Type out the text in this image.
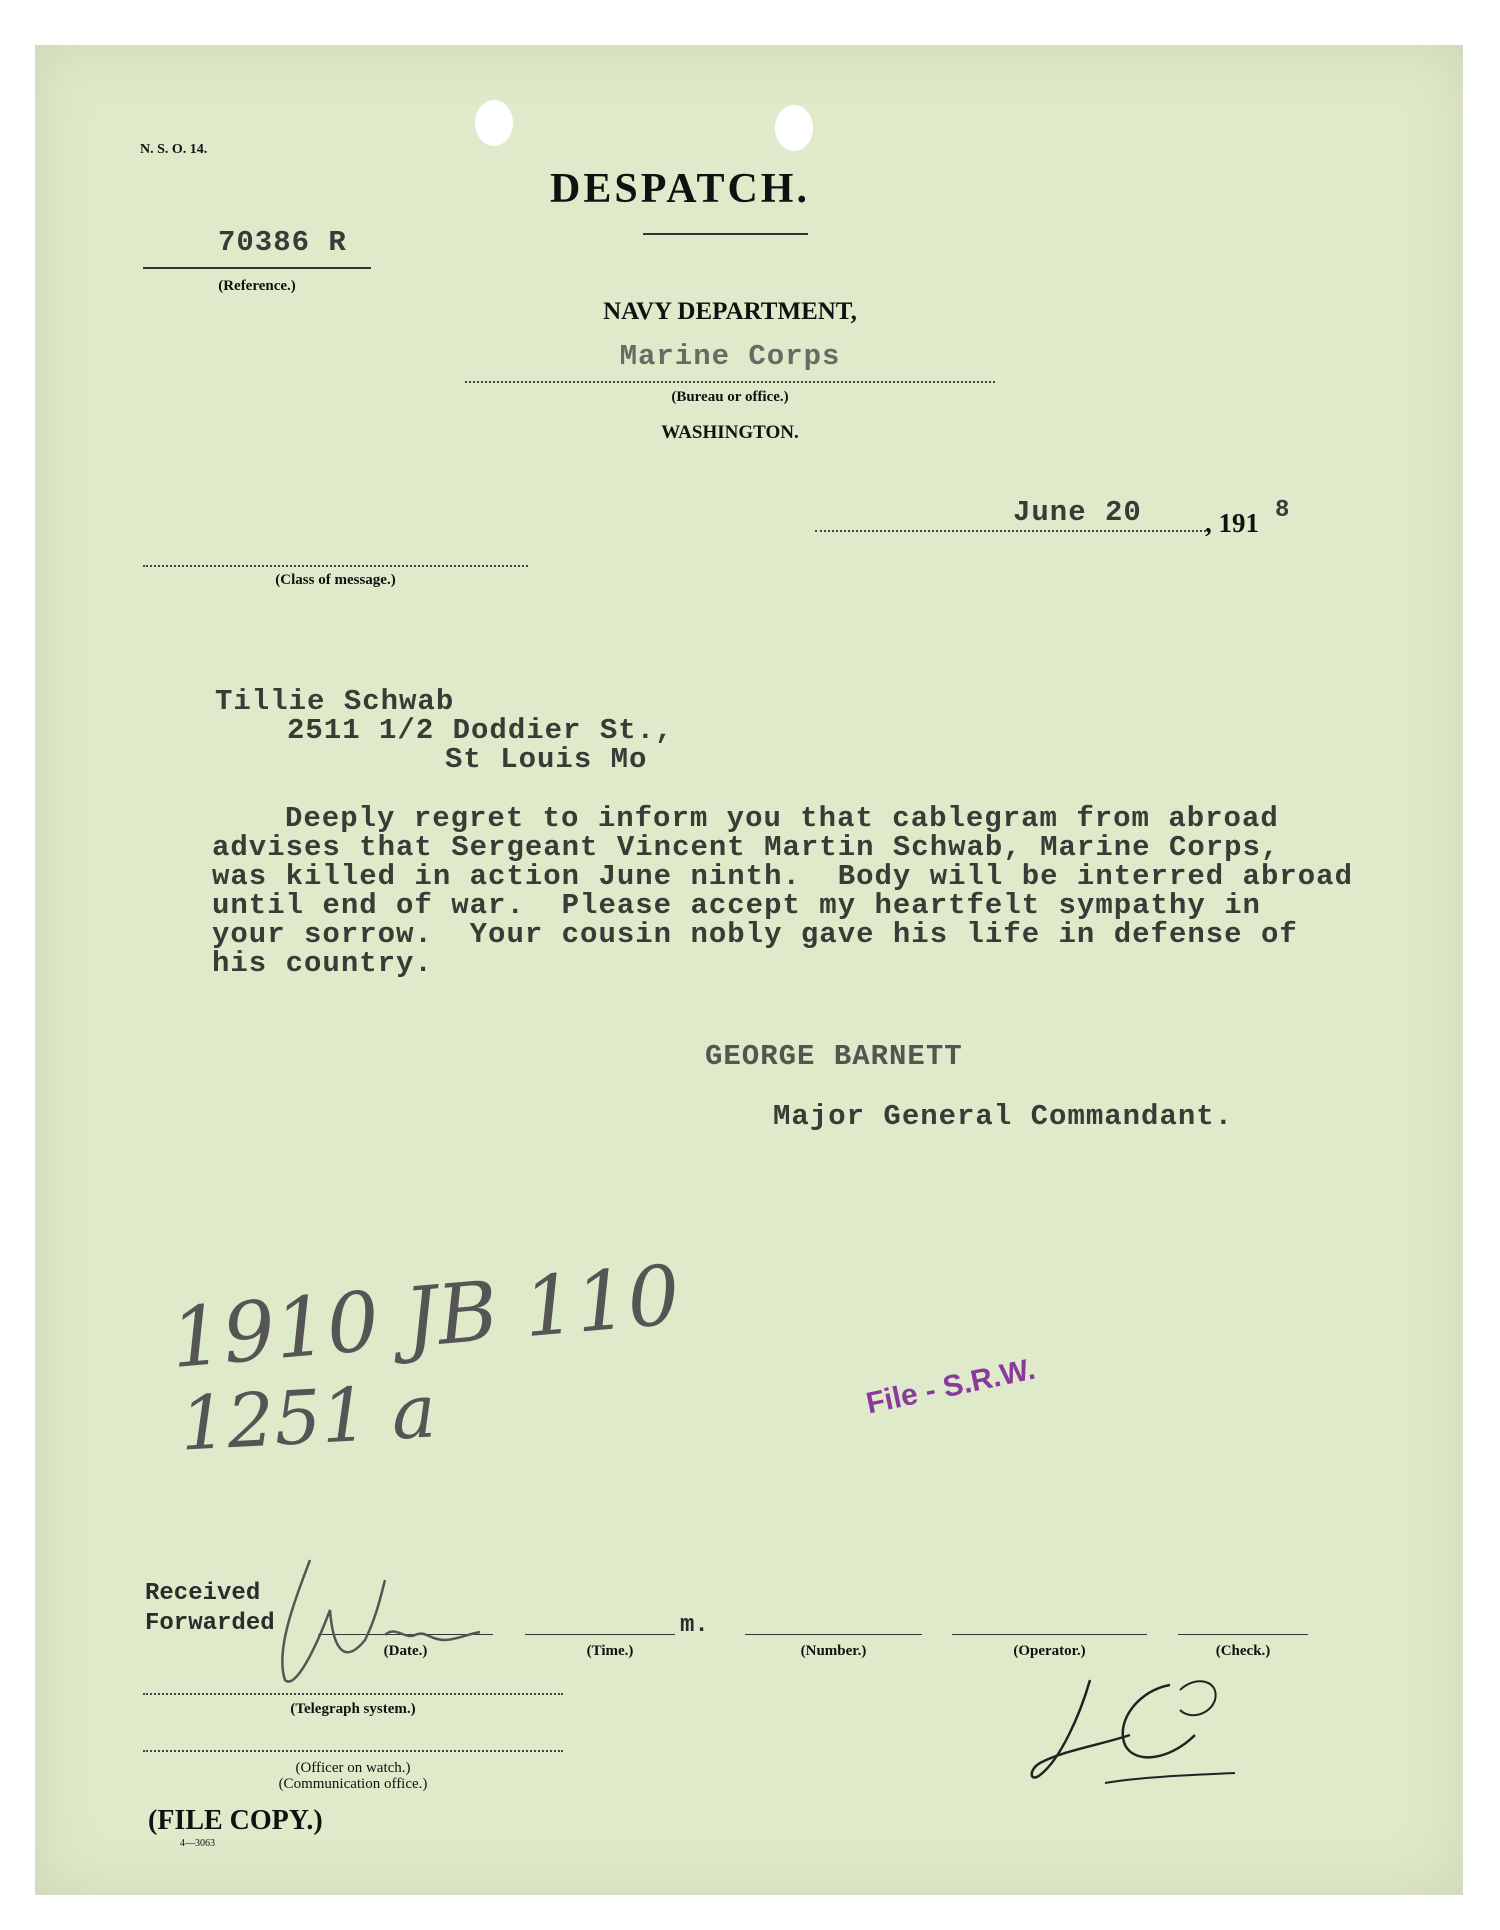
N. S. O. 14.
DESPATCH.
70386 R
(Reference.)
NAVY DEPARTMENT,
Marine Corps
(Bureau or office.)
WASHINGTON.
June 20 , 191 8
(Class of message.)
Tillie Schwab
2511 1/2 Doddier St.,
St Louis Mo
Deeply regret to inform you that cablegram from abroad
advises that Sergeant Vincent Martin Schwab, Marine Corps,
was killed in action June ninth.  Body will be interred abroad
until end of war.  Please accept my heartfelt sympathy in
your sorrow.  Your cousin nobly gave his life in defense of
his country.
GEORGE BARNETT
Major General Commandant.
1910 JB 110
1251 a	File - S.R.W.
Received
Forwarded	m.
(Date.)	(Time.)	(Number.)	(Operator.)	(Check.)
(Telegraph system.)
(Officer on watch.)
(Communication office.)
(FILE COPY.)
4—3063
